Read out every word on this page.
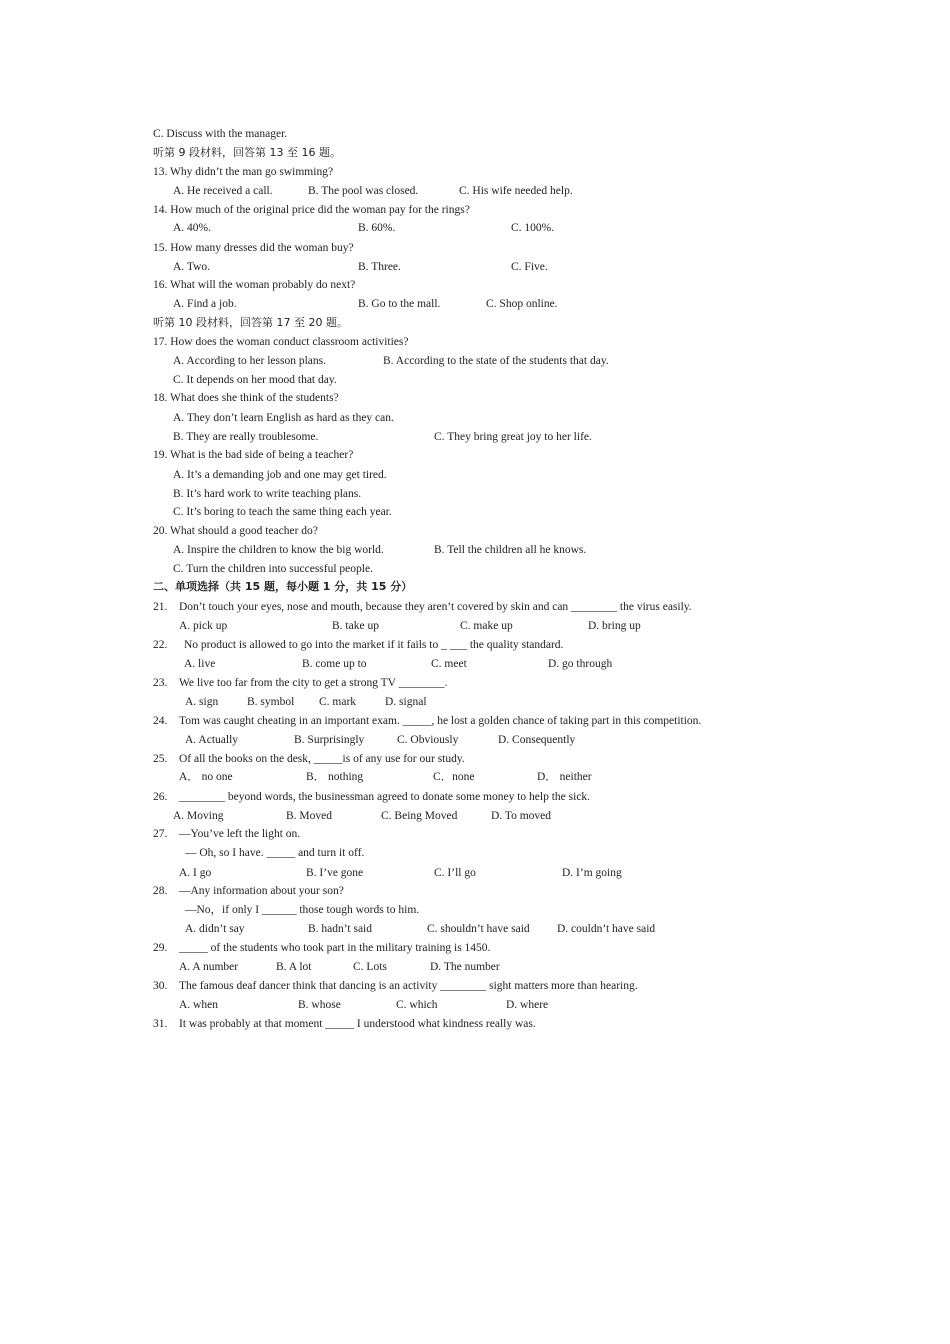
C. Discuss with the manager.
听第 9 段材料，回答第 13 至 16 题。
13. Why didn’t the man go swimming?
A. He received a call.	B. The pool was closed.	C. His wife needed help.
14. How much of the original price did the woman pay for the rings?
A. 40%.	B. 60%.	C. 100%.
15. How many dresses did the woman buy?
A. Two.	B. Three.	C. Five.
16. What will the woman probably do next?
A. Find a job.	B. Go to the mall.	C. Shop online.
听第 10 段材料，回答第 17 至 20 题。
17. How does the woman conduct classroom activities?
A. According to her lesson plans.	B. According to the state of the students that day.
C. It depends on her mood that day.
18. What does she think of the students?
A. They don’t learn English as hard as they can.
B. They are really troublesome.	C. They bring great joy to her life.
19. What is the bad side of being a teacher?
A. It’s a demanding job and one may get tired.
B. It’s hard work to write teaching plans.
C. It’s boring to teach the same thing each year.
20. What should a good teacher do?
A. Inspire the children to know the big world.	B. Tell the children all he knows.
C. Turn the children into successful people.
二、单项选择（共 15 题，每小题 1 分，共 15 分）
21. Don’t touch your eyes, nose and mouth, because they aren’t covered by skin and can ________ the virus easily.
A. pick up	B. take up	C. make up	D. bring up
22. No product is allowed to go into the market if it fails to _ ___ the quality standard.
A. live	B. come up to	C. meet	D. go through
23. We live too far from the city to get a strong TV ________.
A. sign	B. symbol C. mark	D. signal
24. Tom was caught cheating in an important exam. _____, he lost a golden chance of taking part in this competition.
A. Actually	B. Surprisingly	C. Obviously	D. Consequently
25. Of all the books on the desk, _____is of any use for our study.
A． no one	B． nothing	C．none	D． neither
26. ________ beyond words, the businessman agreed to donate some money to help the sick.
A. Moving	B. Moved	C. Being Moved	D. To moved
27. —You’ve left the light on.
— Oh, so I have. _____ and turn it off.
A. I go	B. I’ve gone	C. I’ll go	D. I’m going
28. —Any information about your son?
—No，if only I ______ those tough words to him.
A. didn’t say	B. hadn’t said	C. shouldn’t have said D. couldn’t have said
29. _____ of the students who took part in the military training is 1450.
A. A number	B. A lot	C. Lots	D. The number
30. The famous deaf dancer think that dancing is an activity ________ sight matters more than hearing.
A. when	B. whose	C. which	D. where
31. It was probably at that moment _____ I understood what kindness really was.
